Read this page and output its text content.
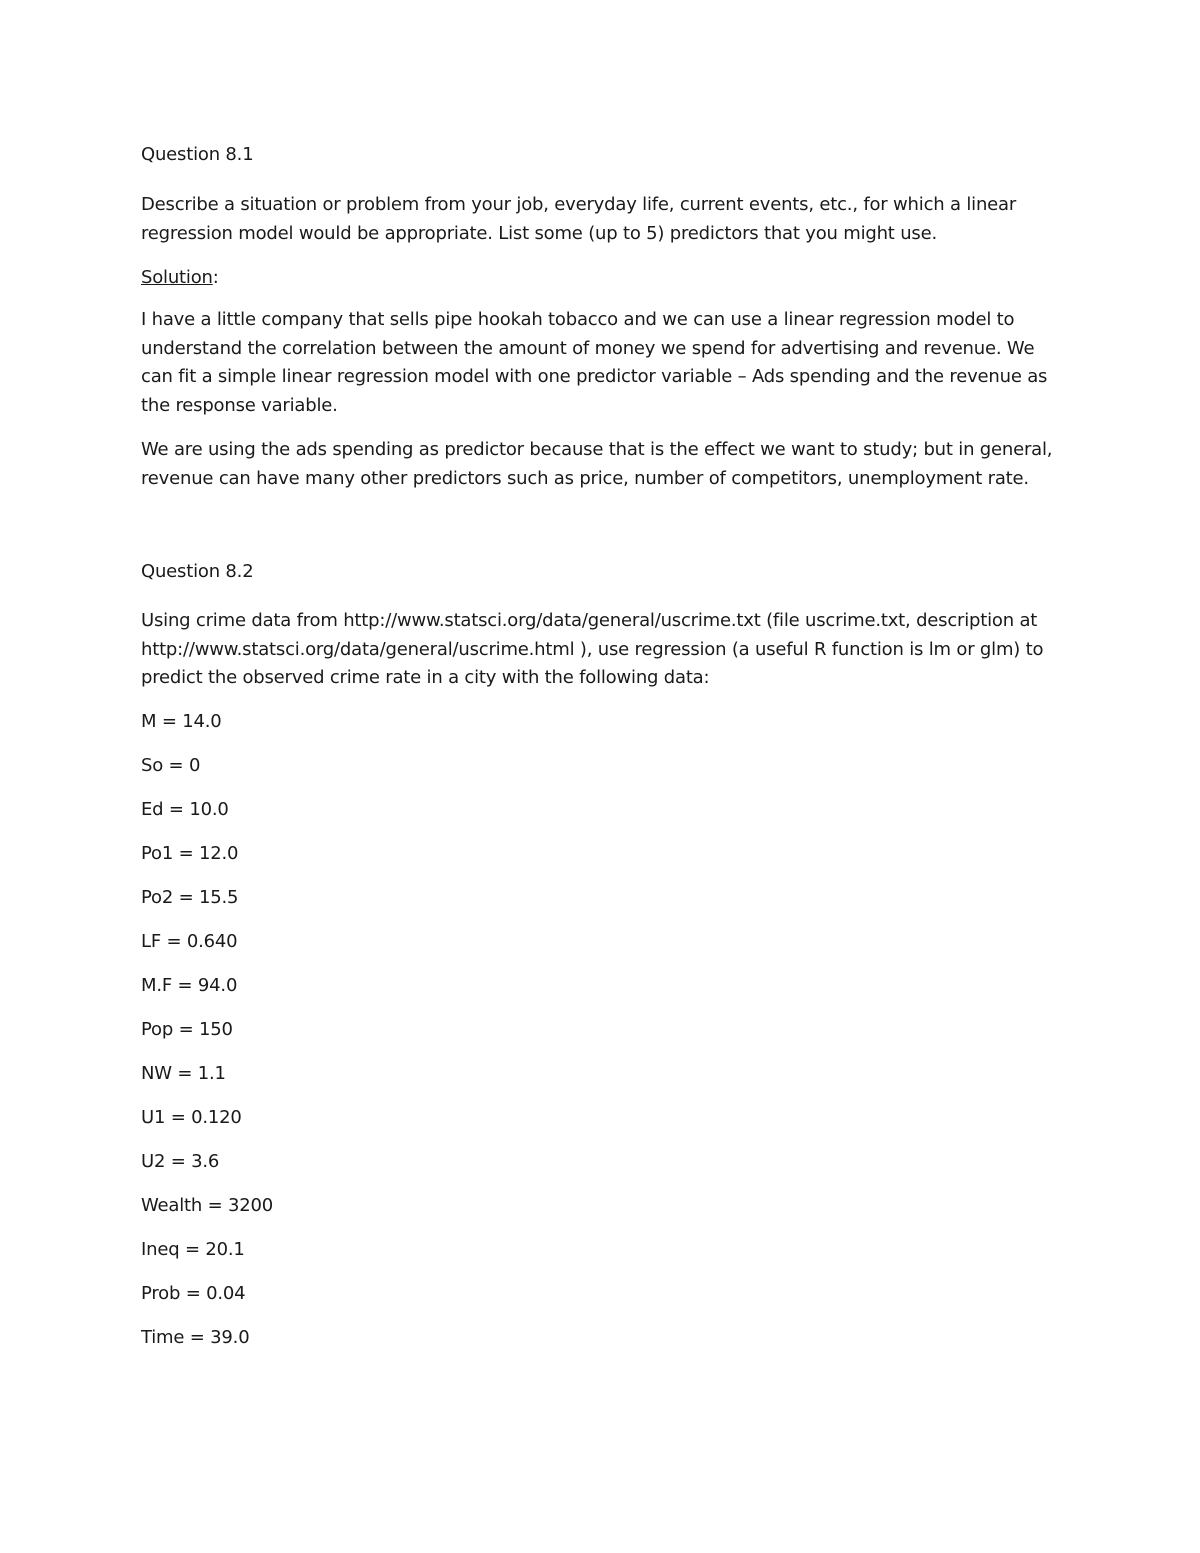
Question 8.1

Describe a situation or problem from your job, everyday life, current events, etc., for which a linear regression model would be appropriate. List some (up to 5) predictors that you might use.

Solution:

I have a little company that sells pipe hookah tobacco and we can use a linear regression model to understand the correlation between the amount of money we spend for advertising and revenue. We can fit a simple linear regression model with one predictor variable – Ads spending and the revenue as the response variable.

We are using the ads spending as predictor because that is the effect we want to study; but in general, revenue can have many other predictors such as price, number of competitors, unemployment rate.

Question 8.2

Using crime data from http://www.statsci.org/data/general/uscrime.txt (file uscrime.txt, description at http://www.statsci.org/data/general/uscrime.html ), use regression (a useful R function is lm or glm) to predict the observed crime rate in a city with the following data:

M = 14.0
So = 0
Ed = 10.0
Po1 = 12.0
Po2 = 15.5
LF = 0.640
M.F = 94.0
Pop = 150
NW = 1.1
U1 = 0.120
U2 = 3.6
Wealth = 3200
Ineq = 20.1
Prob = 0.04
Time = 39.0
